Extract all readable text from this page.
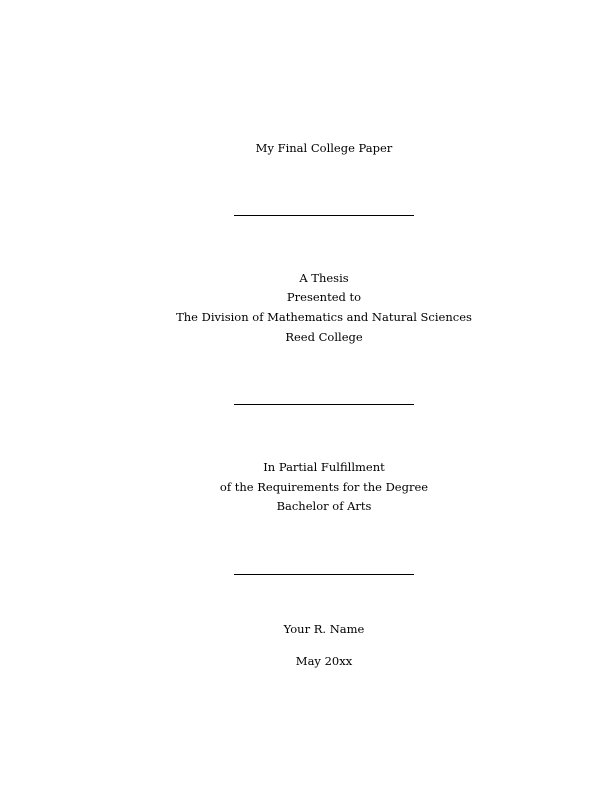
My Final College Paper
A Thesis
Presented to
The Division of Mathematics and Natural Sciences
Reed College
In Partial Fulfillment
of the Requirements for the Degree
Bachelor of Arts
Your R. Name
May 20xx
